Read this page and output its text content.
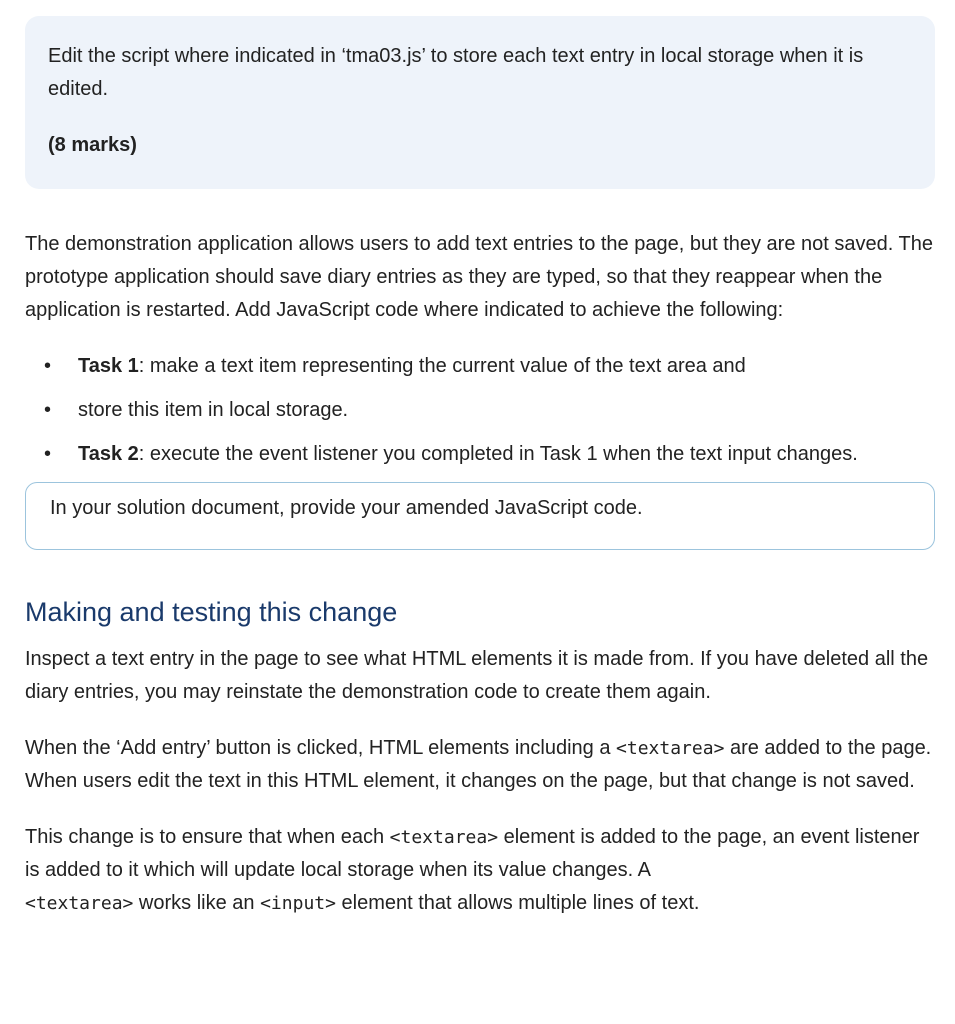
Edit the script where indicated in ‘tma03.js’ to store each text entry in local storage when it is edited.

(8 marks)

The demonstration application allows users to add text entries to the page, but they are not saved. The prototype application should save diary entries as they are typed, so that they reappear when the application is restarted. Add JavaScript code where indicated to achieve the following:

• Task 1: make a text item representing the current value of the text area and
• store this item in local storage.
• Task 2: execute the event listener you completed in Task 1 when the text input changes.

In your solution document, provide your amended JavaScript code.

Making and testing this change

Inspect a text entry in the page to see what HTML elements it is made from. If you have deleted all the diary entries, you may reinstate the demonstration code to create them again.

When the ‘Add entry’ button is clicked, HTML elements including a <textarea> are added to the page. When users edit the text in this HTML element, it changes on the page, but that change is not saved.

This change is to ensure that when each <textarea> element is added to the page, an event listener is added to it which will update local storage when its value changes. A
<textarea> works like an <input> element that allows multiple lines of text.
